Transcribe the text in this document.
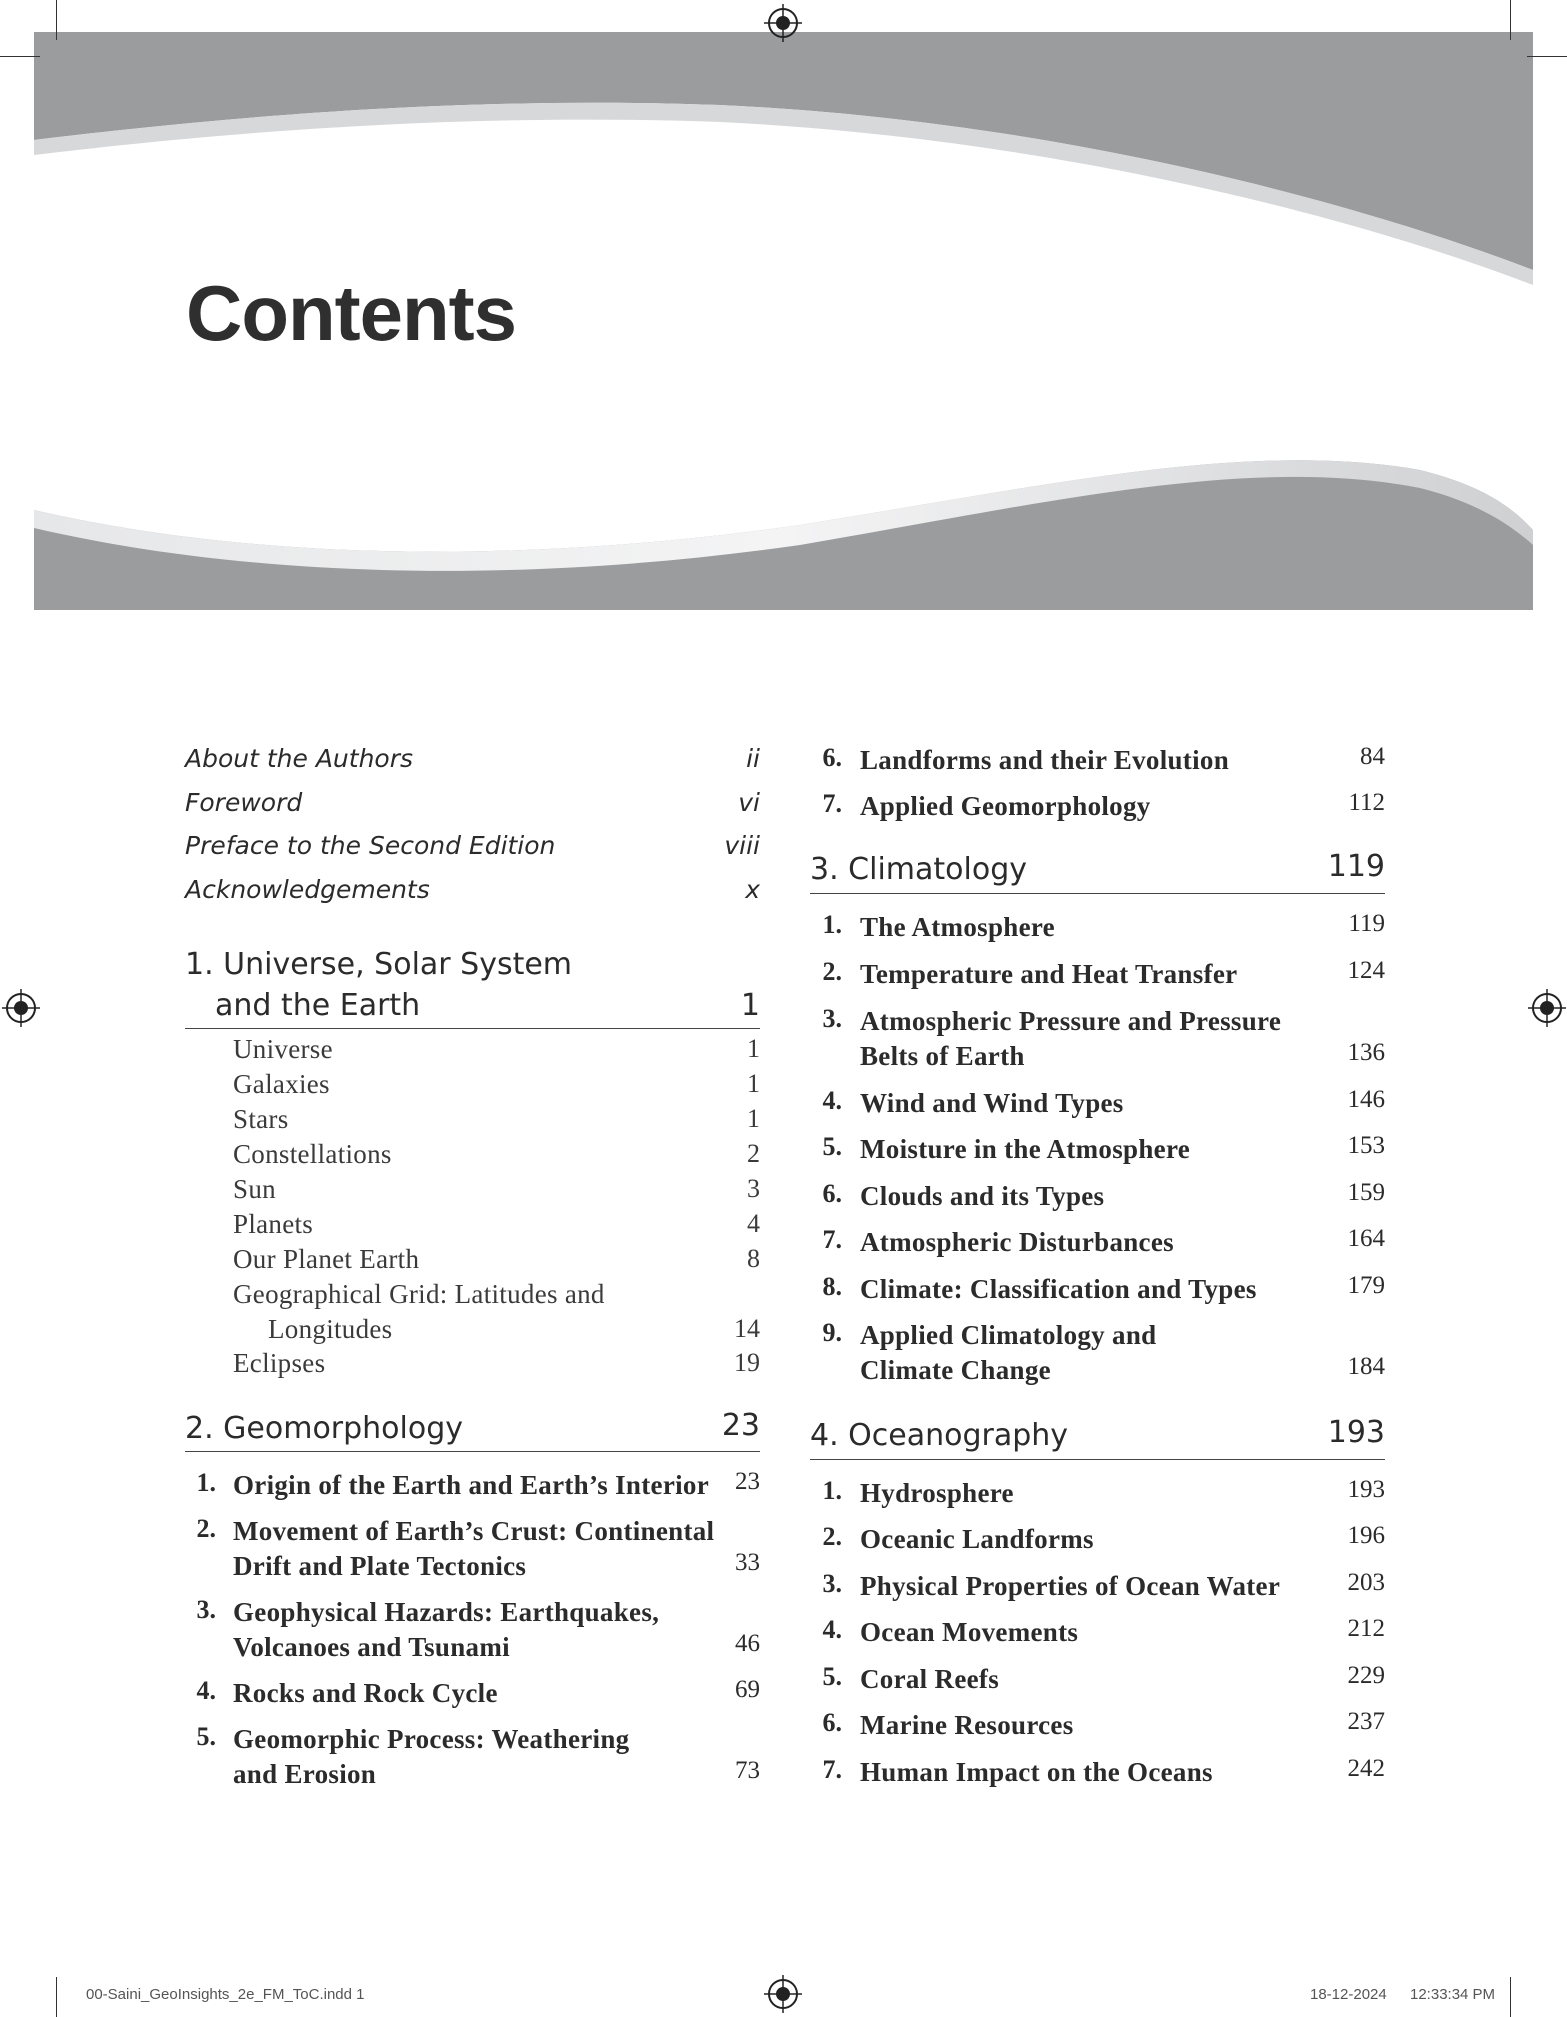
Contents
About the Authors	ii
Foreword	vi
Preface to the Second Edition	viii
Acknowledgements	x
1. Universe, Solar System
and the Earth	1
Universe	1
Galaxies	1
Stars	1
Constellations	2
Sun	3
Planets	4
Our Planet Earth	8
Geographical Grid: Latitudes and
Longitudes	14
Eclipses	19
2. Geomorphology	23
1. Origin of the Earth and Earth’s Interior	23
2. Movement of Earth’s Crust: Continental
Drift and Plate Tectonics	33
3. Geophysical Hazards: Earthquakes,
Volcanoes and Tsunami	46
4. Rocks and Rock Cycle	69
5. Geomorphic Process: Weathering
and Erosion	73
6. Landforms and their Evolution	84
7. Applied Geomorphology	112
3. Climatology	119
1. The Atmosphere	119
2. Temperature and Heat Transfer	124
3. Atmospheric Pressure and Pressure
Belts of Earth	136
4. Wind and Wind Types	146
5. Moisture in the Atmosphere	153
6. Clouds and its Types	159
7. Atmospheric Disturbances	164
8. Climate: Classification and Types	179
9. Applied Climatology and
Climate Change	184
4. Oceanography	193
1. Hydrosphere	193
2. Oceanic Landforms	196
3. Physical Properties of Ocean Water	203
4. Ocean Movements	212
5. Coral Reefs	229
6. Marine Resources	237
7. Human Impact on the Oceans	242
00-Saini_GeoInsights_2e_FM_ToC.indd 1	18-12-2024 12:33:34 PM
